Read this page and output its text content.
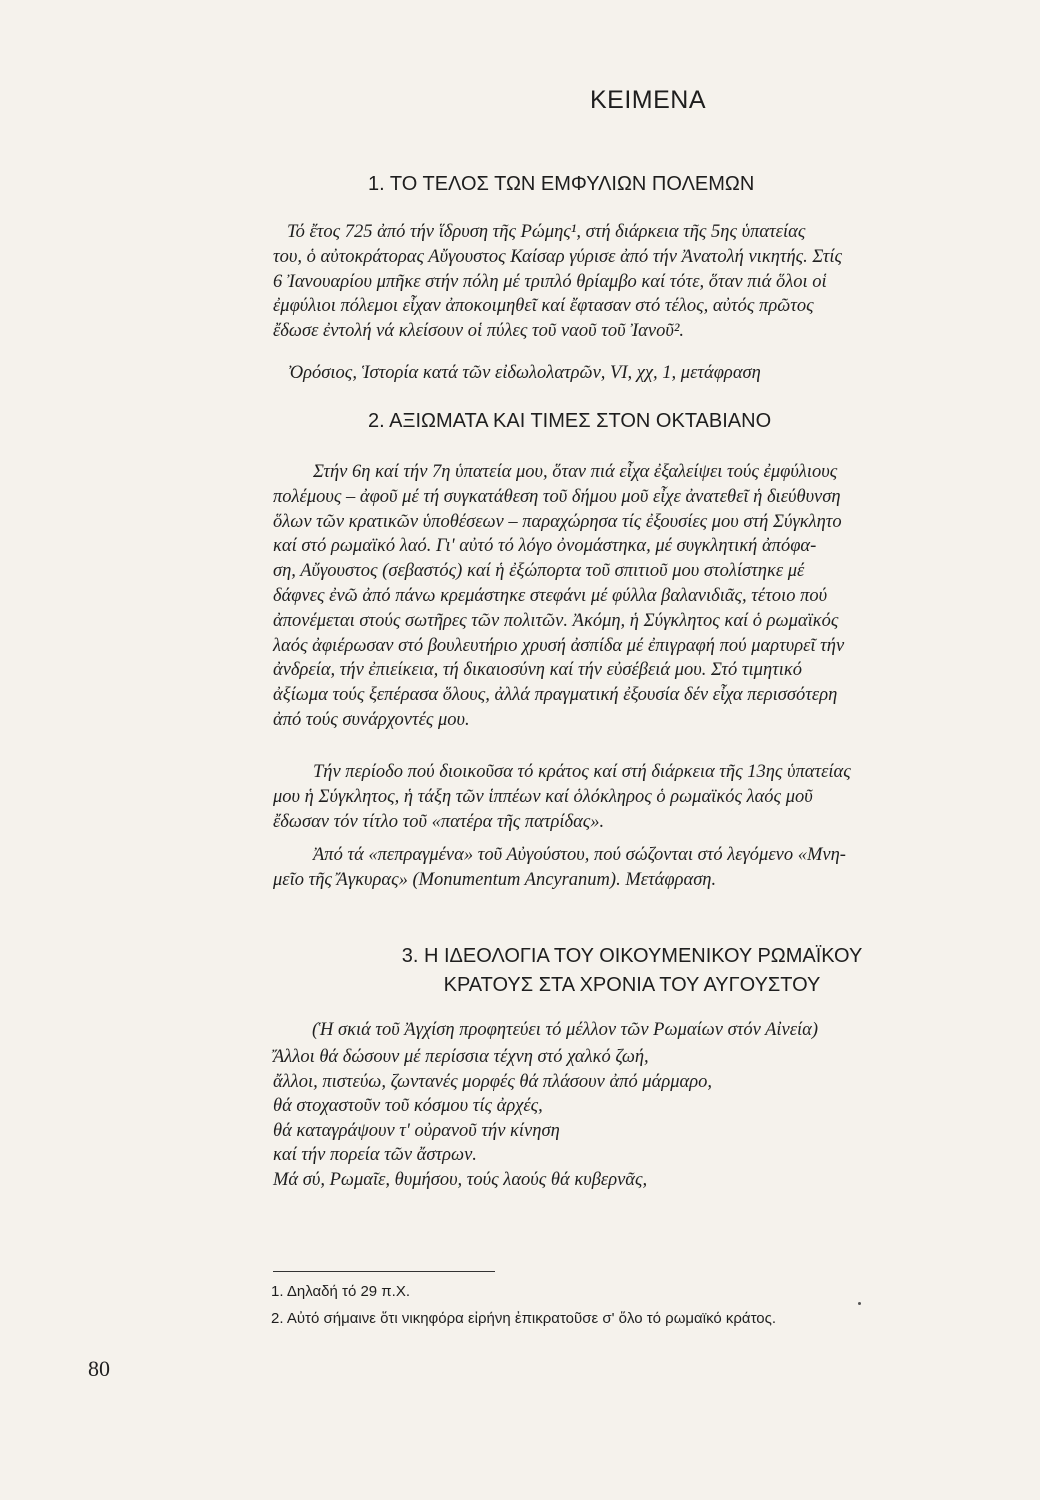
ΚΕΙΜΕΝΑ
1. ΤΟ ΤΕΛΟΣ ΤΩΝ ΕΜΦΥΛΙΩΝ ΠΟΛΕΜΩΝ
Τό ἔτος 725 ἀπό τήν ἵδρυση τῆς Ρώμης¹, στή διάρκεια τῆς 5ης ὑπατείας
του, ὁ αὐτοκράτορας Αὔγουστος Καίσαρ γύρισε ἀπό τήν Ἀνατολή νικητής. Στίς
6 Ἰανουαρίου μπῆκε στήν πόλη μέ τριπλό θρίαμβο καί τότε, ὅταν πιά ὅλοι οἱ
ἐμφύλιοι πόλεμοι εἶχαν ἀποκοιμηθεῖ καί ἔφτασαν στό τέλος, αὐτός πρῶτος
ἔδωσε ἐντολή νά κλείσουν οἱ πύλες τοῦ ναοῦ τοῦ Ἰανοῦ².

Ὀρόσιος, Ἱστορία κατά τῶν εἰδωλολατρῶν, VI, χχ, 1, μετάφραση

2. ΑΞΙΩΜΑΤΑ ΚΑΙ ΤΙΜΕΣ ΣΤΟΝ ΟΚΤΑΒΙΑΝΟ
Στήν 6η καί τήν 7η ὑπατεία μου, ὅταν πιά εἶχα ἐξαλείψει τούς ἐμφύλιους
πολέμους – ἀφοῦ μέ τή συγκατάθεση τοῦ δήμου μοῦ εἶχε ἀνατεθεῖ ἡ διεύθυνση
ὅλων τῶν κρατικῶν ὑποθέσεων – παραχώρησα τίς ἐξουσίες μου στή Σύγκλητο
καί στό ρωμαϊκό λαό. Γι' αὐτό τό λόγο ὀνομάστηκα, μέ συγκλητική ἀπόφα-
ση, Αὔγουστος (σεβαστός) καί ἡ ἐξώπορτα τοῦ σπιτιοῦ μου στολίστηκε μέ
δάφνες ἐνῶ ἀπό πάνω κρεμάστηκε στεφάνι μέ φύλλα βαλανιδιᾶς, τέτοιο πού
ἀπονέμεται στούς σωτῆρες τῶν πολιτῶν. Ἀκόμη, ἡ Σύγκλητος καί ὁ ρωμαϊκός
λαός ἀφιέρωσαν στό βουλευτήριο χρυσή ἀσπίδα μέ ἐπιγραφή πού μαρτυρεῖ τήν
ἀνδρεία, τήν ἐπιείκεια, τή δικαιοσύνη καί τήν εὐσέβειά μου. Στό τιμητικό
ἀξίωμα τούς ξεπέρασα ὅλους, ἀλλά πραγματική ἐξουσία δέν εἶχα περισσότερη
ἀπό τούς συνάρχοντές μου.
Τήν περίοδο πού διοικοῦσα τό κράτος καί στή διάρκεια τῆς 13ης ὑπατείας
μου ἡ Σύγκλητος, ἡ τάξη τῶν ἱππέων καί ὁλόκληρος ὁ ρωμαϊκός λαός μοῦ
ἔδωσαν τόν τίτλο τοῦ «πατέρα τῆς πατρίδας».
Ἀπό τά «πεπραγμένα» τοῦ Αὐγούστου, πού σώζονται στό λεγόμενο «Μνη-
μεῖο τῆς Ἄγκυρας» (Monumentum Ancyranum). Μετάφραση.
3. Η ΙΔΕΟΛΟΓΙΑ ΤΟΥ ΟΙΚΟΥΜΕΝΙΚΟΥ ΡΩΜΑΪΚΟΥ
ΚΡΑΤΟΥΣ ΣΤΑ ΧΡΟΝΙΑ ΤΟΥ ΑΥΓΟΥΣΤΟΥ

(Ἡ σκιά τοῦ Ἀγχίση προφητεύει τό μέλλον τῶν Ρωμαίων στόν Αἰνεία)

Ἄλλοι θά δώσουν μέ περίσσια τέχνη στό χαλκό ζωή,
ἄλλοι, πιστεύω, ζωντανές μορφές θά πλάσουν ἀπό μάρμαρο,
θά στοχαστοῦν τοῦ κόσμου τίς ἀρχές,
θά καταγράψουν τ' οὐρανοῦ τήν κίνηση
καί τήν πορεία τῶν ἄστρων.
Μά σύ, Ρωμαῖε, θυμήσου, τούς λαούς θά κυβερνᾶς,

1. Δηλαδή τό 29 π.Χ.

2. Αὐτό σήμαινε ὅτι νικηφόρα εἰρήνη ἐπικρατοῦσε σ' ὅλο τό ρωμαϊκό κράτος.

80
